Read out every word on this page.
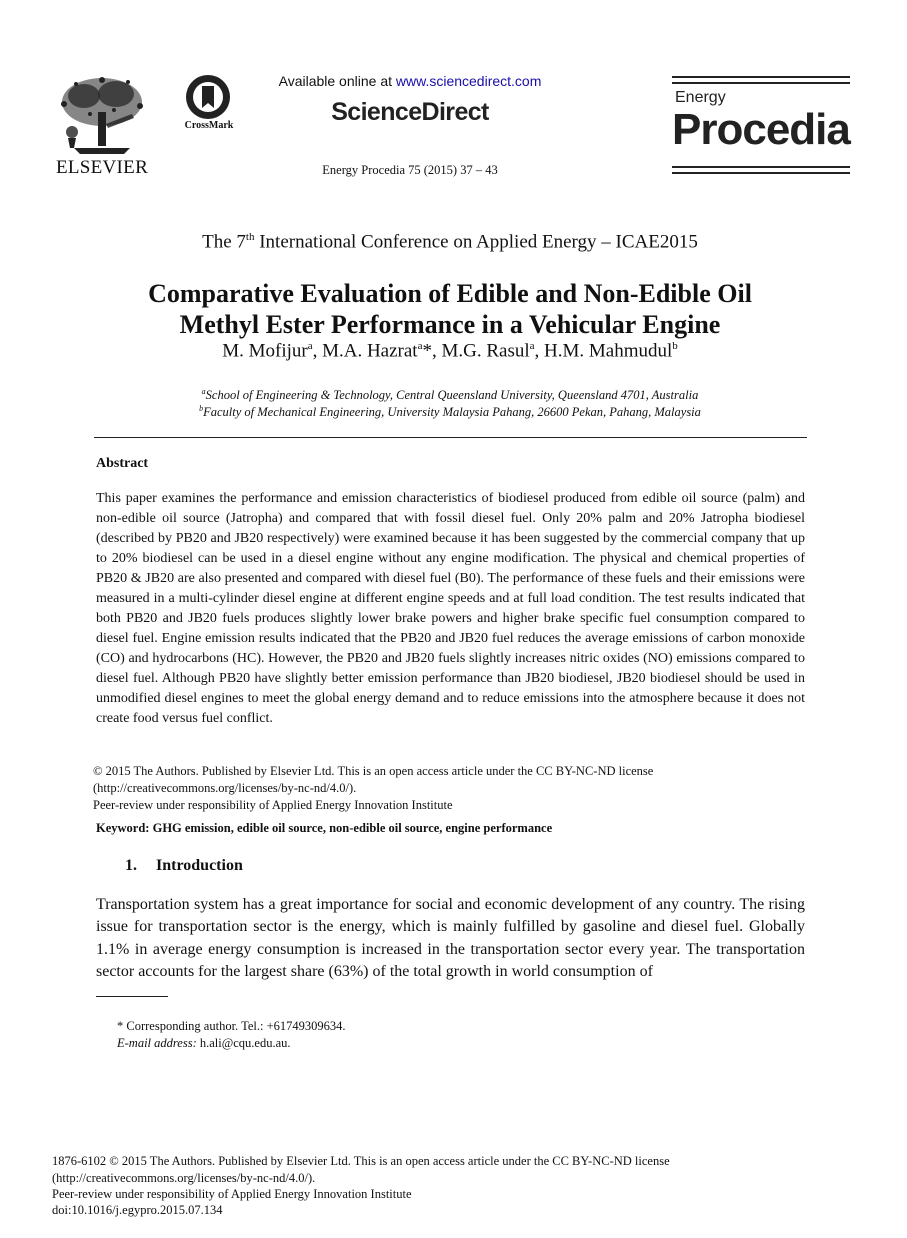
ELSEVIER
CrossMark
Available online at www.sciencedirect.com
ScienceDirect
Energy Procedia 75 (2015) 37 – 43
Energy
Procedia
The 7th International Conference on Applied Energy – ICAE2015
Comparative Evaluation of Edible and Non-Edible Oil
Methyl Ester Performance in a Vehicular Engine
M. Mofijur$^a$, M.A. Hazrat$^a$*, M.G. Rasul$^a$, H.M. Mahmudul$^b$
$^a$School of Engineering & Technology, Central Queensland University, Queensland 4701, Australia
$^b$Faculty of Mechanical Engineering, University Malaysia Pahang, 26600 Pekan, Pahang, Malaysia
Abstract

This paper examines the performance and emission characteristics of biodiesel produced from edible oil source (palm) and non-edible oil source (Jatropha) and compared that with fossil diesel fuel. Only 20% palm and 20% Jatropha biodiesel (described by PB20 and JB20 respectively) were examined because it has been suggested by the commercial company that up to 20% biodiesel can be used in a diesel engine without any engine modification. The physical and chemical properties of PB20 & JB20 are also presented and compared with diesel fuel (B0). The performance of these fuels and their emissions were measured in a multi-cylinder diesel engine at different engine speeds and at full load condition. The test results indicated that both PB20 and JB20 fuels produces slightly lower brake powers and higher brake specific fuel consumption compared to diesel fuel. Engine emission results indicated that the PB20 and JB20 fuel reduces the average emissions of carbon monoxide (CO) and hydrocarbons (HC). However, the PB20 and JB20 fuels slightly increases nitric oxides (NO) emissions compared to diesel fuel. Although PB20 have slightly better emission performance than JB20 biodiesel, JB20 biodiesel should be used in unmodified diesel engines to meet the global energy demand and to reduce emissions into the atmosphere because it does not create food versus fuel conflict.

© 2015 The Authors. Published by Elsevier Ltd. This is an open access article under the CC BY-NC-ND license
(http://creativecommons.org/licenses/by-nc-nd/4.0/).
Peer-review under responsibility of Applied Energy Innovation Institute
Keyword: GHG emission, edible oil source, non-edible oil source, engine performance
1. Introduction

Transportation system has a great importance for social and economic development of any country. The rising issue for transportation sector is the energy, which is mainly fulfilled by gasoline and diesel fuel. Globally 1.1% in average energy consumption is increased in the transportation sector every year. The transportation sector accounts for the largest share (63%) of the total growth in world consumption of

* Corresponding author. Tel.: +61749309634.
E-mail address: h.ali@cqu.edu.au.
1876-6102 © 2015 The Authors. Published by Elsevier Ltd. This is an open access article under the CC BY-NC-ND license
(http://creativecommons.org/licenses/by-nc-nd/4.0/).
Peer-review under responsibility of Applied Energy Innovation Institute
doi:10.1016/j.egypro.2015.07.134
